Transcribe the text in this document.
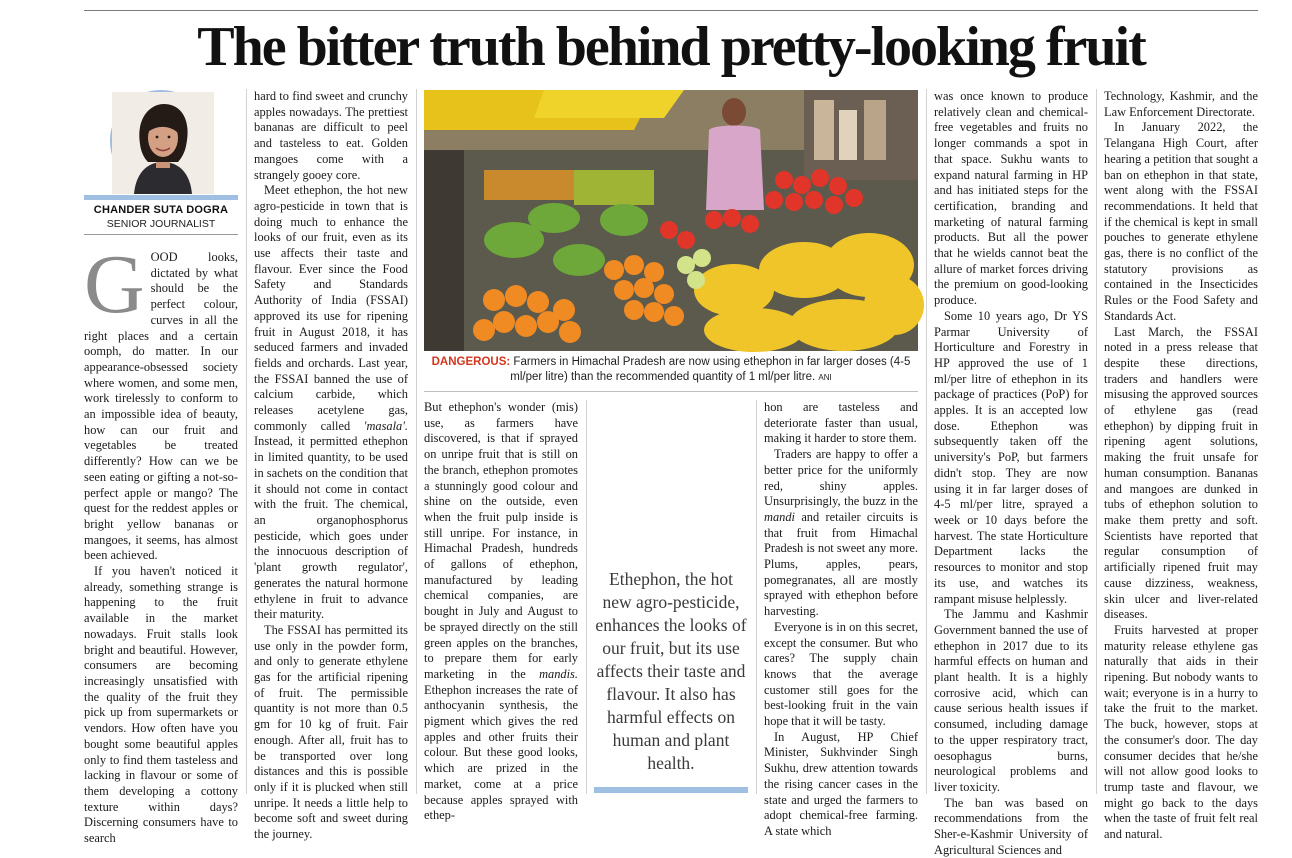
The bitter truth behind pretty-looking fruit
CHANDER SUTA DOGRA
SENIOR JOURNALIST

GOOD looks, dictated by what should be the perfect colour, curves in all the right places and a certain oomph, do matter. In our appearance-obsessed society where women, and some men, work tirelessly to conform to an impossible idea of beauty, how can our fruit and vegetables be treated differently? How can we be seen eating or gifting a not-so-perfect apple or mango? The quest for the reddest apples or bright yellow bananas or mangoes, it seems, has almost been achieved.

If you haven't noticed it already, something strange is happening to the fruit available in the market nowadays. Fruit stalls look bright and beautiful. However, consumers are becoming increasingly unsatisfied with the quality of the fruit they pick up from supermarkets or vendors. How often have you bought some beautiful apples only to find them tasteless and lacking in flavour or some of them developing a cottony texture within days? Discerning consumers have to search

hard to find sweet and crunchy apples nowadays. The prettiest bananas are difficult to peel and tasteless to eat. Golden mangoes come with a strangely gooey core.

Meet ethephon, the hot new agro-pesticide in town that is doing much to enhance the looks of our fruit, even as its use affects their taste and flavour. Ever since the Food Safety and Standards Authority of India (FSSAI) approved its use for ripening fruit in August 2018, it has seduced farmers and invaded fields and orchards. Last year, the FSSAI banned the use of calcium carbide, which releases acetylene gas, commonly called 'masala'. Instead, it permitted ethephon in limited quantity, to be used in sachets on the condition that it should not come in contact with the fruit. The chemical, an organophosphorus pesticide, which goes under the innocuous description of 'plant growth regulator', generates the natural hormone ethylene in fruit to advance their maturity.

The FSSAI has permitted its use only in the powder form, and only to generate ethylene gas for the artificial ripening of fruit. The permissible quantity is not more than 0.5 gm for 10 kg of fruit. Fair enough. After all, fruit has to be transported over long distances and this is possible only if it is plucked when still unripe. It needs a little help to become soft and sweet during the journey.

DANGEROUS: Farmers in Himachal Pradesh are now using ethephon in far larger doses (4-5 ml/per litre) than the recommended quantity of 1 ml/per litre. ANI

But ethephon's wonder (mis) use, as farmers have discovered, is that if sprayed on unripe fruit that is still on the branch, ethephon promotes a stunningly good colour and shine on the outside, even when the fruit pulp inside is still unripe. For instance, in Himachal Pradesh, hundreds of gallons of ethephon, manufactured by leading chemical companies, are bought in July and August to be sprayed directly on the still green apples on the branches, to prepare them for early marketing in the mandis. Ethephon increases the rate of anthocyanin synthesis, the pigment which gives the red apples and other fruits their colour. But these good looks, which are prized in the market, come at a price because apples sprayed with ethep-

Ethephon, the hot new agro-pesticide, enhances the looks of our fruit, but its use affects their taste and flavour. It also has harmful effects on human and plant health.

hon are tasteless and deteriorate faster than usual, making it harder to store them.

Traders are happy to offer a better price for the uniformly red, shiny apples. Unsurprisingly, the buzz in the mandi and retailer circuits is that fruit from Himachal Pradesh is not sweet any more. Plums, apples, pears, pomegranates, all are mostly sprayed with ethephon before harvesting.

Everyone is in on this secret, except the consumer. But who cares? The supply chain knows that the average customer still goes for the best-looking fruit in the vain hope that it will be tasty.

In August, HP Chief Minister, Sukhvinder Singh Sukhu, drew attention towards the rising cancer cases in the state and urged the farmers to adopt chemical-free farming. A state which

was once known to produce relatively clean and chemical-free vegetables and fruits no longer commands a spot in that space. Sukhu wants to expand natural farming in HP and has initiated steps for the certification, branding and marketing of natural farming products. But all the power that he wields cannot beat the allure of market forces driving the premium on good-looking produce.

Some 10 years ago, Dr YS Parmar University of Horticulture and Forestry in HP approved the use of 1 ml/per litre of ethephon in its package of practices (PoP) for apples. It is an accepted low dose. Ethephon was subsequently taken off the university's PoP, but farmers didn't stop. They are now using it in far larger doses of 4-5 ml/per litre, sprayed a week or 10 days before the harvest. The state Horticulture Department lacks the resources to monitor and stop its use, and watches its rampant misuse helplessly.

The Jammu and Kashmir Government banned the use of ethephon in 2017 due to its harmful effects on human and plant health. It is a highly corrosive acid, which can cause serious health issues if consumed, including damage to the upper respiratory tract, oesophagus burns, neurological problems and liver toxicity.

The ban was based on recommendations from the Sher-e-Kashmir University of Agricultural Sciences and

Technology, Kashmir, and the Law Enforcement Directorate.

In January 2022, the Telangana High Court, after hearing a petition that sought a ban on ethephon in that state, went along with the FSSAI recommendations. It held that if the chemical is kept in small pouches to generate ethylene gas, there is no conflict of the statutory provisions as contained in the Insecticides Rules or the Food Safety and Standards Act.

Last March, the FSSAI noted in a press release that despite these directions, traders and handlers were misusing the approved sources of ethylene gas (read ethephon) by dipping fruit in ripening agent solutions, making the fruit unsafe for human consumption. Bananas and mangoes are dunked in tubs of ethephon solution to make them pretty and soft. Scientists have reported that regular consumption of artificially ripened fruit may cause dizziness, weakness, skin ulcer and liver-related diseases.

Fruits harvested at proper maturity release ethylene gas naturally that aids in their ripening. But nobody wants to wait; everyone is in a hurry to take the fruit to the market. The buck, however, stops at the consumer's door. The day consumer decides that he/she will not allow good looks to trump taste and flavour, we might go back to the days when the taste of fruit felt real and natural.
